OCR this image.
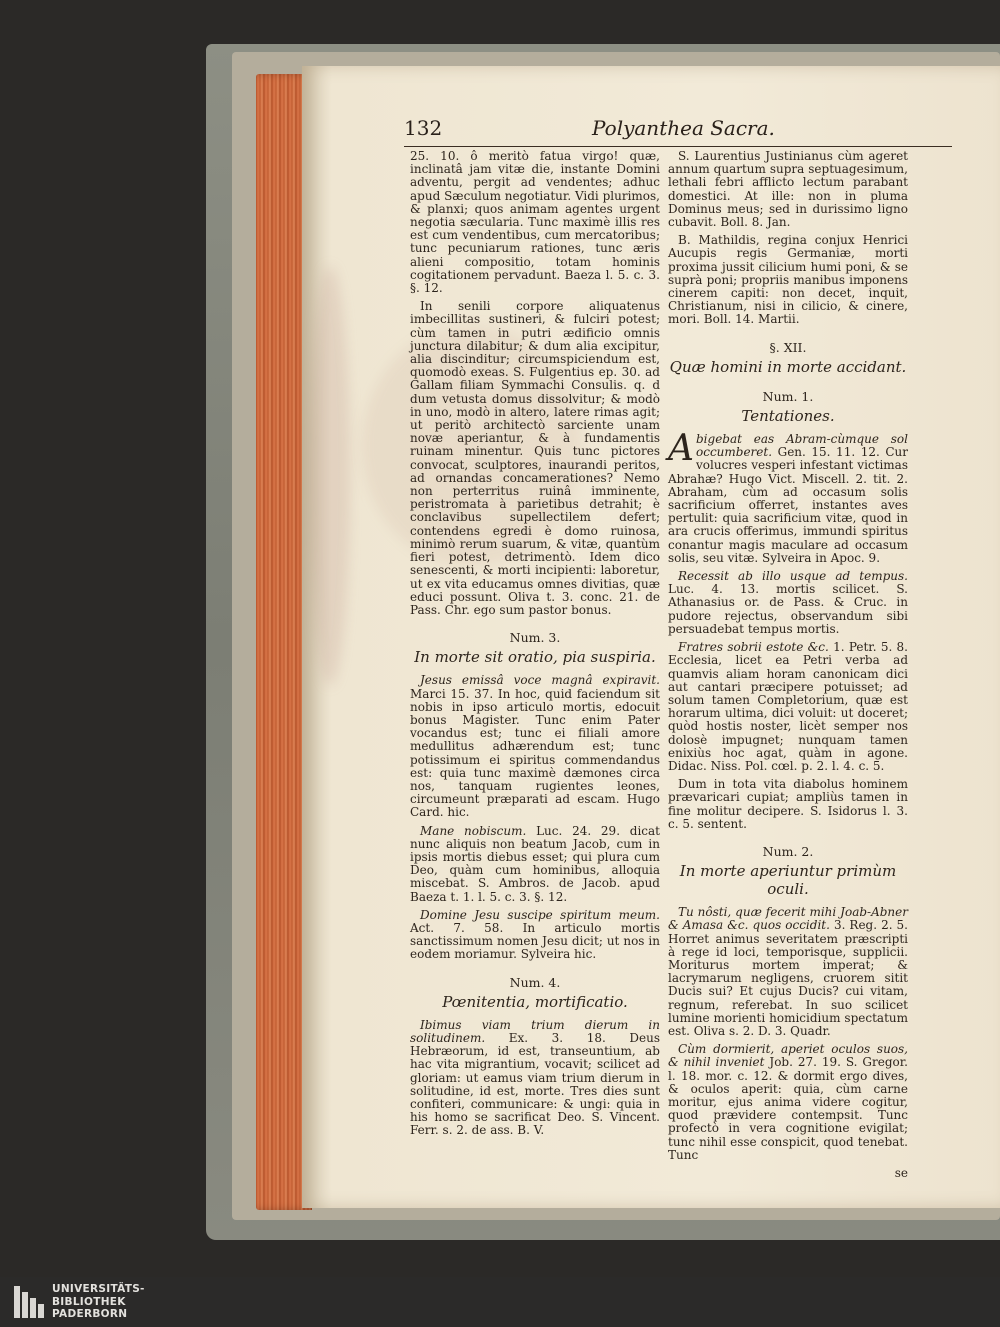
132	Polyanthea Sacra.

25. 10. ô meritò fatua virgo! quæ, inclinatâ jam vitæ die, instante Domini adventu, pergit ad vendentes; adhuc apud Sæculum negotiatur. Vidi plurimos, & planxi; quos animam agentes urgent negotia sæcularia. Tunc maximè illis res est cum vendentibus, cum mercatoribus; tunc pecuniarum rationes, tunc æris alieni compositio, totam hominis cogitationem pervadunt. Baeza l. 5. c. 3. §. 12.

In senili corpore aliquatenus imbecillitas sustineri, & fulciri potest; cùm tamen in putri ædificio omnis junctura dilabitur; & dum alia excipitur, alia discinditur; circumspiciendum est, quomodò exeas. S. Fulgentius ep. 30. ad Gallam filiam Symmachi Consulis. q. d dum vetusta domus dissolvitur; & modò in uno, modò in altero, latere rimas agit; ut peritò architectò sarciente unam novæ aperiantur, & à fundamentis ruinam minentur. Quis tunc pictores convocat, sculptores, inaurandi peritos, ad ornandas concamerationes? Nemo non perterritus ruinâ imminente, peristromata à parietibus detrahit; è conclavibus supellectilem defert; contendens egredi è domo ruinosa, minimò rerum suarum, & vitæ, quantùm fieri potest, detrimentò. Idem dico senescenti, & morti incipienti: laboretur, ut ex vita educamus omnes divitias, quæ educi possunt. Oliva t. 3. conc. 21. de Pass. Chr. ego sum pastor bonus.

Num. 3.
In morte sit oratio, pia suspiria.

Jesus emissâ voce magnâ expiravit. Marci 15. 37. In hoc, quid faciendum sit nobis in ipso articulo mortis, edocuit bonus Magister. Tunc enim Pater vocandus est; tunc ei filiali amore medullitus adhærendum est; tunc potissimum ei spiritus commendandus est: quia tunc maximè dæmones circa nos, tanquam rugientes leones, circumeunt præparati ad escam. Hugo Card. hic.

Mane nobiscum. Luc. 24. 29. dicat nunc aliquis non beatum Jacob, cum in ipsis mortis diebus esset; qui plura cum Deo, quàm cum hominibus, alloquia miscebat. S. Ambros. de Jacob. apud Baeza t. 1. l. 5. c. 3. §. 12.

Domine Jesu suscipe spiritum meum. Act. 7. 58. In articulo mortis sanctissimum nomen Jesu dicit; ut nos in eodem moriamur. Sylveira hic.

Num. 4.
Pœnitentia, mortificatio.

Ibimus viam trium dierum in solitudinem. Ex. 3. 18. Deus Hebræorum, id est, transeuntium, ab hac vita migrantium, vocavit; scilicet ad gloriam: ut eamus viam trium dierum in solitudine, id est, morte. Tres dies sunt confiteri, communicare: & ungi: quia in his homo se sacrificat Deo. S. Vincent. Ferr. s. 2. de ass. B. V.

S. Laurentius Justinianus cùm ageret annum quartum supra septuagesimum, lethali febri afflicto lectum parabant domestici. At ille: non in pluma Dominus meus; sed in durissimo ligno cubavit. Boll. 8. Jan.

B. Mathildis, regina conjux Henrici Aucupis regis Germaniæ, morti proxima jussit cilicium humi poni, & se suprà poni; propriis manibus imponens cinerem capiti: non decet, inquit, Christianum, nisi in cilicio, & cinere, mori. Boll. 14. Martii.

§. XII.
Quæ homini in morte accidant.
Num. 1.
Tentationes.

Abigebat eas Abram-cùmque sol occumberet. Gen. 15. 11. 12. Cur volucres vesperi infestant victimas Abrahæ? Hugo Vict. Miscell. 2. tit. 2. Abraham, cùm ad occasum solis sacrificium offerret, instantes aves pertulit: quia sacrificium vitæ, quod in ara crucis offerimus, immundi spiritus conantur magis maculare ad occasum solis, seu vitæ. Sylveira in Apoc. 9.

Recessit ab illo usque ad tempus. Luc. 4. 13. mortis scilicet. S. Athanasius or. de Pass. & Cruc. in pudore rejectus, observandum sibi persuadebat tempus mortis.

Fratres sobrii estote &c. 1. Petr. 5. 8. Ecclesia, licet ea Petri verba ad quamvis aliam horam canonicam dici aut cantari præcipere potuisset; ad solum tamen Completorium, quæ est horarum ultima, dici voluit: ut doceret; quòd hostis noster, licèt semper nos dolosè impugnet; nunquam tamen enixiùs hoc agat, quàm in agone. Didac. Niss. Pol. cœl. p. 2. l. 4. c. 5.

Dum in tota vita diabolus hominem prævaricari cupiat; ampliùs tamen in fine molitur decipere. S. Isidorus l. 3. c. 5. sentent.

Num. 2.
In morte aperiuntur primùm oculi.

Tu nôsti, quæ fecerit mihi Joab-Abner & Amasa &c. quos occidit. 3. Reg. 2. 5. Horret animus severitatem præscripti à rege id loci, temporisque, supplicii. Moriturus mortem imperat; & lacrymarum negligens, cruorem sitit Ducis sui? Et cujus Ducis? cui vitam, regnum, referebat. In suo scilicet lumine morienti homicidium spectatum est. Oliva s. 2. D. 3. Quadr.

Cùm dormierit, aperiet oculos suos, & nihil inveniet Job. 27. 19. S. Gregor. l. 18. mor. c. 12. & dormit ergo dives, & oculos aperit: quia, cùm carne moritur, ejus anima videre cogitur, quod prævidere contempsit. Tunc profectò in vera cognitione evigilat; tunc nihil esse conspicit, quod tenebat. Tunc

se
UNIVERSITÄTS-
BIBLIOTHEK
PADERBORN
